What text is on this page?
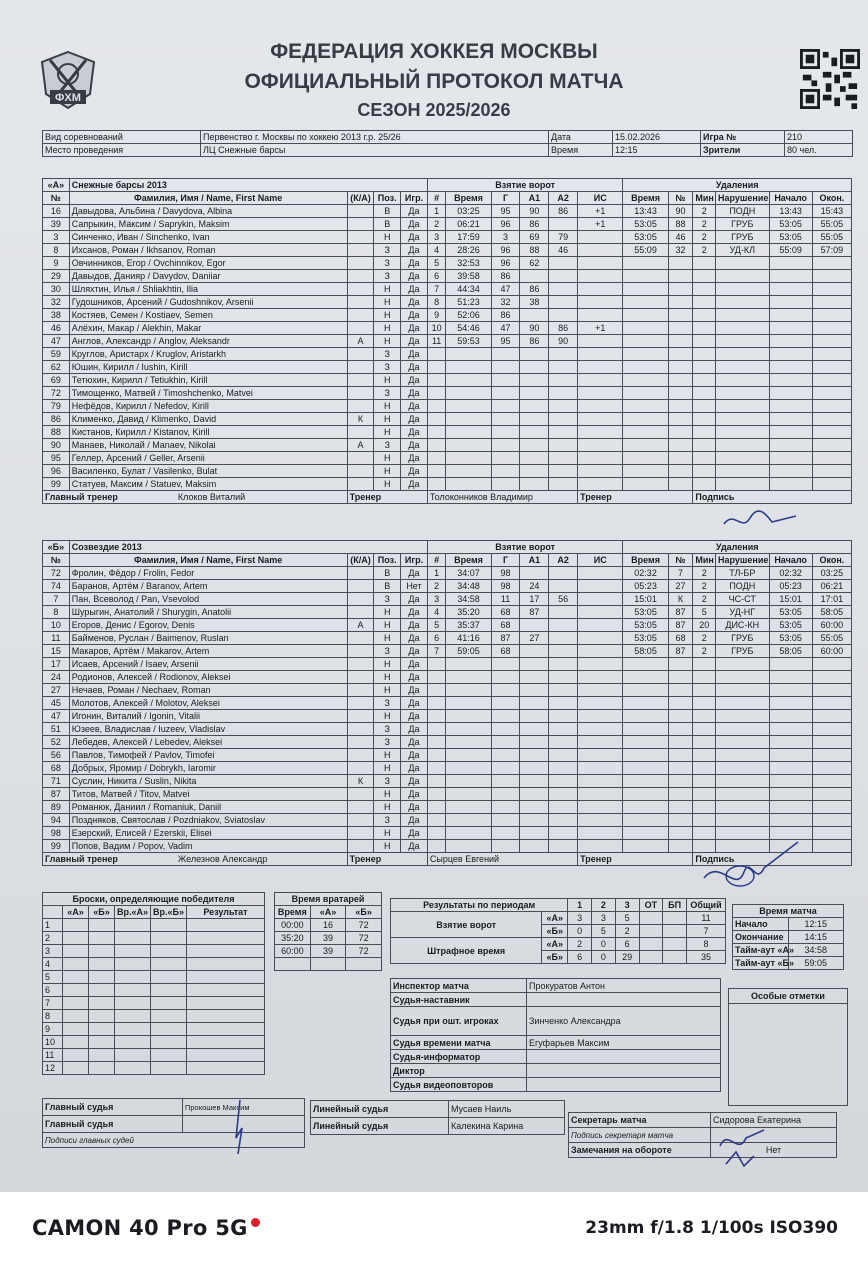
ФХМ
ФЕДЕРАЦИЯ ХОККЕЯ МОСКВЫ
ОФИЦИАЛЬНЫЙ ПРОТОКОЛ МАТЧА
СЕЗОН 2025/2026
Вид соревнований	Первенство г. Москвы по хоккею 2013 г.р. 25/26	Дата	15.02.2026	Игра №	210
Место проведения	ЛЦ Снежные барсы	Время	12:15	Зрители	80 чел.
«А»	Снежные барсы 2013				Взятие ворот						Удаления					
№	Фамилия, Имя / Name, First Name	(К/А)	Поз.	Игр.	#	Время	Г	А1	А2	ИС	Время	№	Мин	Нарушение	Начало	Окон.
16	Давыдова, Альбина / Davydova, Albina		В	Да	1	03:25	95	90	86	+1	13:43	90	2	ПОДН	13:43	15:43
39	Сапрыкин, Максим / Saprykin, Maksim		В	Да	2	06:21	96	86		+1	53:05	88	2	ГРУБ	53:05	55:05
3	Синченко, Иван / Sinchenko, Ivan		Н	Да	3	17:59	3	69	79		53:05	46	2	ГРУБ	53:05	55:05
8	Ихсанов, Роман / Ikhsanov, Roman		З	Да	4	28:26	96	88	46		55:09	32	2	УД-КЛ	55:09	57:09
9	Овчинников, Егор / Ovchinnikov, Egor		З	Да	5	32:53	96	62								
29	Давыдов, Данияр / Davydov, Daniiar		З	Да	6	39:58	86									
30	Шляхтин, Илья / Shliakhtin, Ilia		Н	Да	7	44:34	47	86								
32	Гудошников, Арсений / Gudoshnikov, Arsenii		Н	Да	8	51:23	32	38								
38	Костяев, Семен / Kostiaev, Semen		Н	Да	9	52:06	86									
46	Алёхин, Макар / Alekhin, Makar		Н	Да	10	54:46	47	90	86	+1						
47	Англов, Александр / Anglov, Aleksandr	А	Н	Да	11	59:53	95	86	90							
59	Круглов, Аристарх / Kruglov, Aristarkh		З	Да												
62	Юшин, Кирилл / Iushin, Kirill		З	Да												
69	Тетюхин, Кирилл / Tetiukhin, Kirill		Н	Да												
72	Тимощенко, Матвей / Timoshchenko, Matvei		З	Да												
79	Нефёдов, Кирилл / Nefedov, Kirill		Н	Да												
86	Клименко, Давид / Klimenko, David	К	Н	Да												
88	Кистанов, Кирилл / Kistanov, Kirill		Н	Да												
90	Манаев, Николай / Manaev, Nikolai	А	З	Да												
95	Геллер, Арсений / Geller, Arsenii		Н	Да												
96	Василенко, Булат / Vasilenko, Bulat		Н	Да												
99	Статуев, Максим / Statuev, Maksim		Н	Да												
Главный тренер Клоков Виталий		Тренер			Толоконников Владимир					Тренер			Подпись			
«Б»	Созвездие 2013				Взятие ворот						Удаления					
№	Фамилия, Имя / Name, First Name	(К/А)	Поз.	Игр.	#	Время	Г	А1	А2	ИС	Время	№	Мин	Нарушение	Начало	Окон.
72	Фролин, Фёдор / Frolin, Fedor		В	Да	1	34:07	98				02:32	7	2	ТЛ-БР	02:32	03:25
74	Баранов, Артём / Baranov, Artem		В	Нет	2	34:48	98	24			05:23	27	2	ПОДН	05:23	06:21
7	Пан, Всеволод / Pan, Vsevolod		З	Да	3	34:58	11	17	56		15:01	К	2	ЧС-СТ	15:01	17:01
8	Шурыгин, Анатолий / Shurygin, Anatolii		Н	Да	4	35:20	68	87			53:05	87	5	УД-НГ	53:05	58:05
10	Егоров, Денис / Egorov, Denis	А	Н	Да	5	35:37	68				53:05	87	20	ДИС-КН	53:05	60:00
11	Байменов, Руслан / Baimenov, Ruslan		Н	Да	6	41:16	87	27			53:05	68	2	ГРУБ	53:05	55:05
15	Макаров, Артём / Makarov, Artem		З	Да	7	59:05	68				58:05	87	2	ГРУБ	58:05	60:00
17	Исаев, Арсений / Isaev, Arsenii		Н	Да												
24	Родионов, Алексей / Rodionov, Aleksei		Н	Да												
27	Нечаев, Роман / Nechaev, Roman		Н	Да												
45	Молотов, Алексей / Molotov, Aleksei		З	Да												
47	Игонин, Виталий / Igonin, Vitalii		Н	Да												
51	Юзеев, Владислав / Iuzeev, Vladislav		З	Да												
52	Лебедев, Алексей / Lebedev, Aleksei		З	Да												
56	Павлов, Тимофей / Pavlov, Timofei		Н	Да												
68	Добрых, Яромир / Dobrykh, Iaromir		Н	Да												
71	Суслин, Никита / Suslin, Nikita	К	З	Да												
87	Титов, Матвей / Titov, Matvei		Н	Да												
89	Романюк, Даниил / Romaniuk, Daniil		Н	Да												
94	Поздняков, Святослав / Pozdniakov, Sviatoslav		З	Да												
98	Езерский, Елисей / Ezerskii, Elisei		Н	Да												
99	Попов, Вадим / Popov, Vadim		Н	Да												
Главный тренер Железнов Александр		Тренер			Сырцев Евгений					Тренер			Подпись			
Броски, определяющие победителя					
	«А»	«Б»	Вр.«А»	Вр.«Б»	Результат
1					
2					
3					
4					
5					
6					
7					
8					
9					
10					
11					
12					
Время вратарей		
Время	«А»	«Б»
00:00	16	72
35:20	39	72
60:00	39	72

Результаты по периодам		1	2	3	ОТ	БП	Общий
Взятие ворот	«А»	3	3	5			11
	«Б»	0	5	2			7
Штрафное время	«А»	2	0	6			8
	«Б»	6	0	29			35
Время матча	
Начало	12:15
Окончание	14:15
Тайм-аут «А»	34:58
Тайм-аут «Б»	59:05
Инспектор матча	Прокуратов Антон
Судья-наставник	
Судья при ошт. игроках	Зинченко Александра
Судья времени матча	Егуфарьев Максим
Судья-информатор	
Диктор	
Судья видеоповторов	
Особые отметки
Главный судья	Прокошев Максим
Главный судья	
Подписи главных судей	
Линейный судья	Мусаев Наиль
Линейный судья	Калекина Карина
Секретарь матча	Сидорова Екатерина
Подпись секретаря матча	
Замечания на обороте	Нет
CAMON 40 Pro 5G	23mm f/1.8 1/100s ISO390
